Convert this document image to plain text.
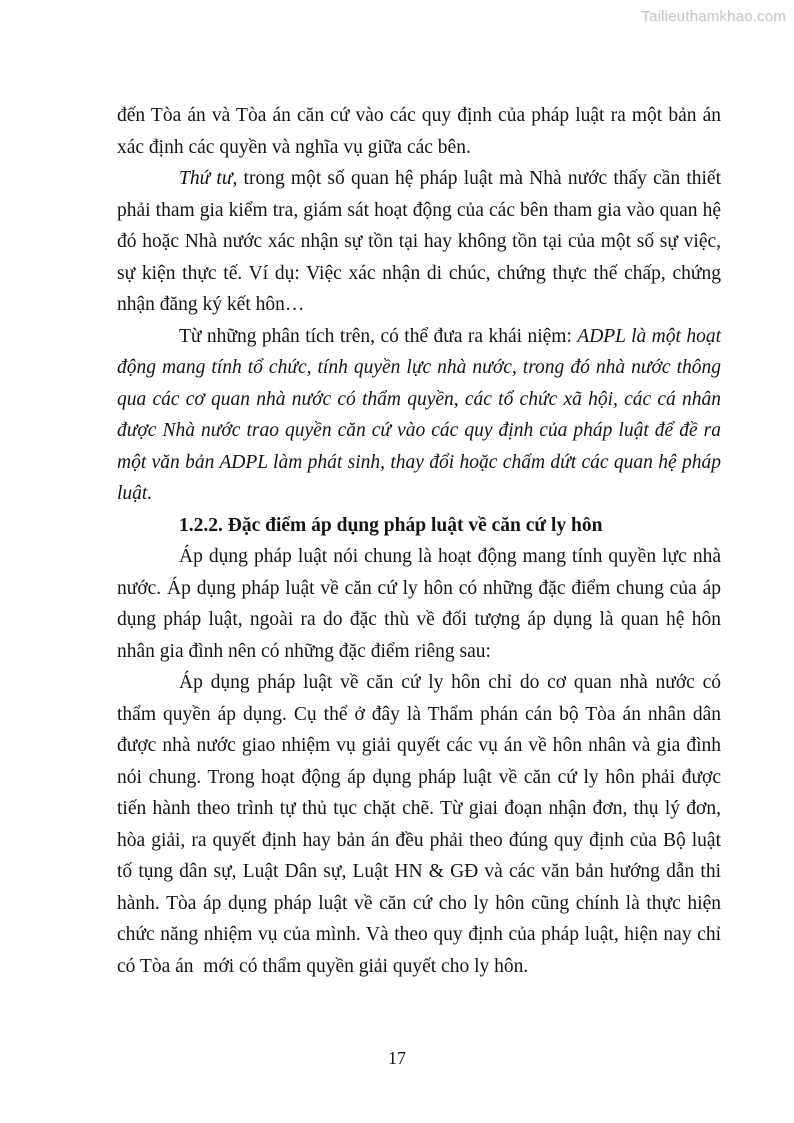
Tailieuthamkhao.com

đến Tòa án và Tòa án căn cứ vào các quy định của pháp luật ra một bản án xác định các quyền và nghĩa vụ giữa các bên.

Thứ tư, trong một số quan hệ pháp luật mà Nhà nước thấy cần thiết phải tham gia kiểm tra, giám sát hoạt động của các bên tham gia vào quan hệ đó hoặc Nhà nước xác nhận sự tồn tại hay không tồn tại của một số sự việc, sự kiện thực tế. Ví dụ: Việc xác nhận di chúc, chứng thực thế chấp, chứng nhận đăng ký kết hôn…

Từ những phân tích trên, có thể đưa ra khái niệm: ADPL là một hoạt động mang tính tổ chức, tính quyền lực nhà nước, trong đó nhà nước thông qua các cơ quan nhà nước có thẩm quyền, các tổ chức xã hội, các cá nhân được Nhà nước trao quyền căn cứ vào các quy định của pháp luật để đề ra một văn bản ADPL làm phát sinh, thay đổi hoặc chấm dứt các quan hệ pháp luật.

1.2.2. Đặc điểm áp dụng pháp luật về căn cứ ly hôn

Áp dụng pháp luật nói chung là hoạt động mang tính quyền lực nhà nước. Áp dụng pháp luật về căn cứ ly hôn có những đặc điểm chung của áp dụng pháp luật, ngoài ra do đặc thù về đối tượng áp dụng là quan hệ hôn nhân gia đình nên có những đặc điểm riêng sau:

Áp dụng pháp luật về căn cứ ly hôn chỉ do cơ quan nhà nước có thẩm quyền áp dụng. Cụ thể ở đây là Thẩm phán cán bộ Tòa án nhân dân được nhà nước giao nhiệm vụ giải quyết các vụ án về hôn nhân và gia đình nói chung. Trong hoạt động áp dụng pháp luật về căn cứ ly hôn phải được tiến hành theo trình tự thủ tục chặt chẽ. Từ giai đoạn nhận đơn, thụ lý đơn, hòa giải, ra quyết định hay bản án đều phải theo đúng quy định của Bộ luật tố tụng dân sự, Luật Dân sự, Luật HN & GĐ và các văn bản hướng dẫn thi hành. Tòa áp dụng pháp luật về căn cứ cho ly hôn cũng chính là thực hiện chức năng nhiệm vụ của mình. Và theo quy định của pháp luật, hiện nay chỉ có Tòa án  mới có thẩm quyền giải quyết cho ly hôn.

17
